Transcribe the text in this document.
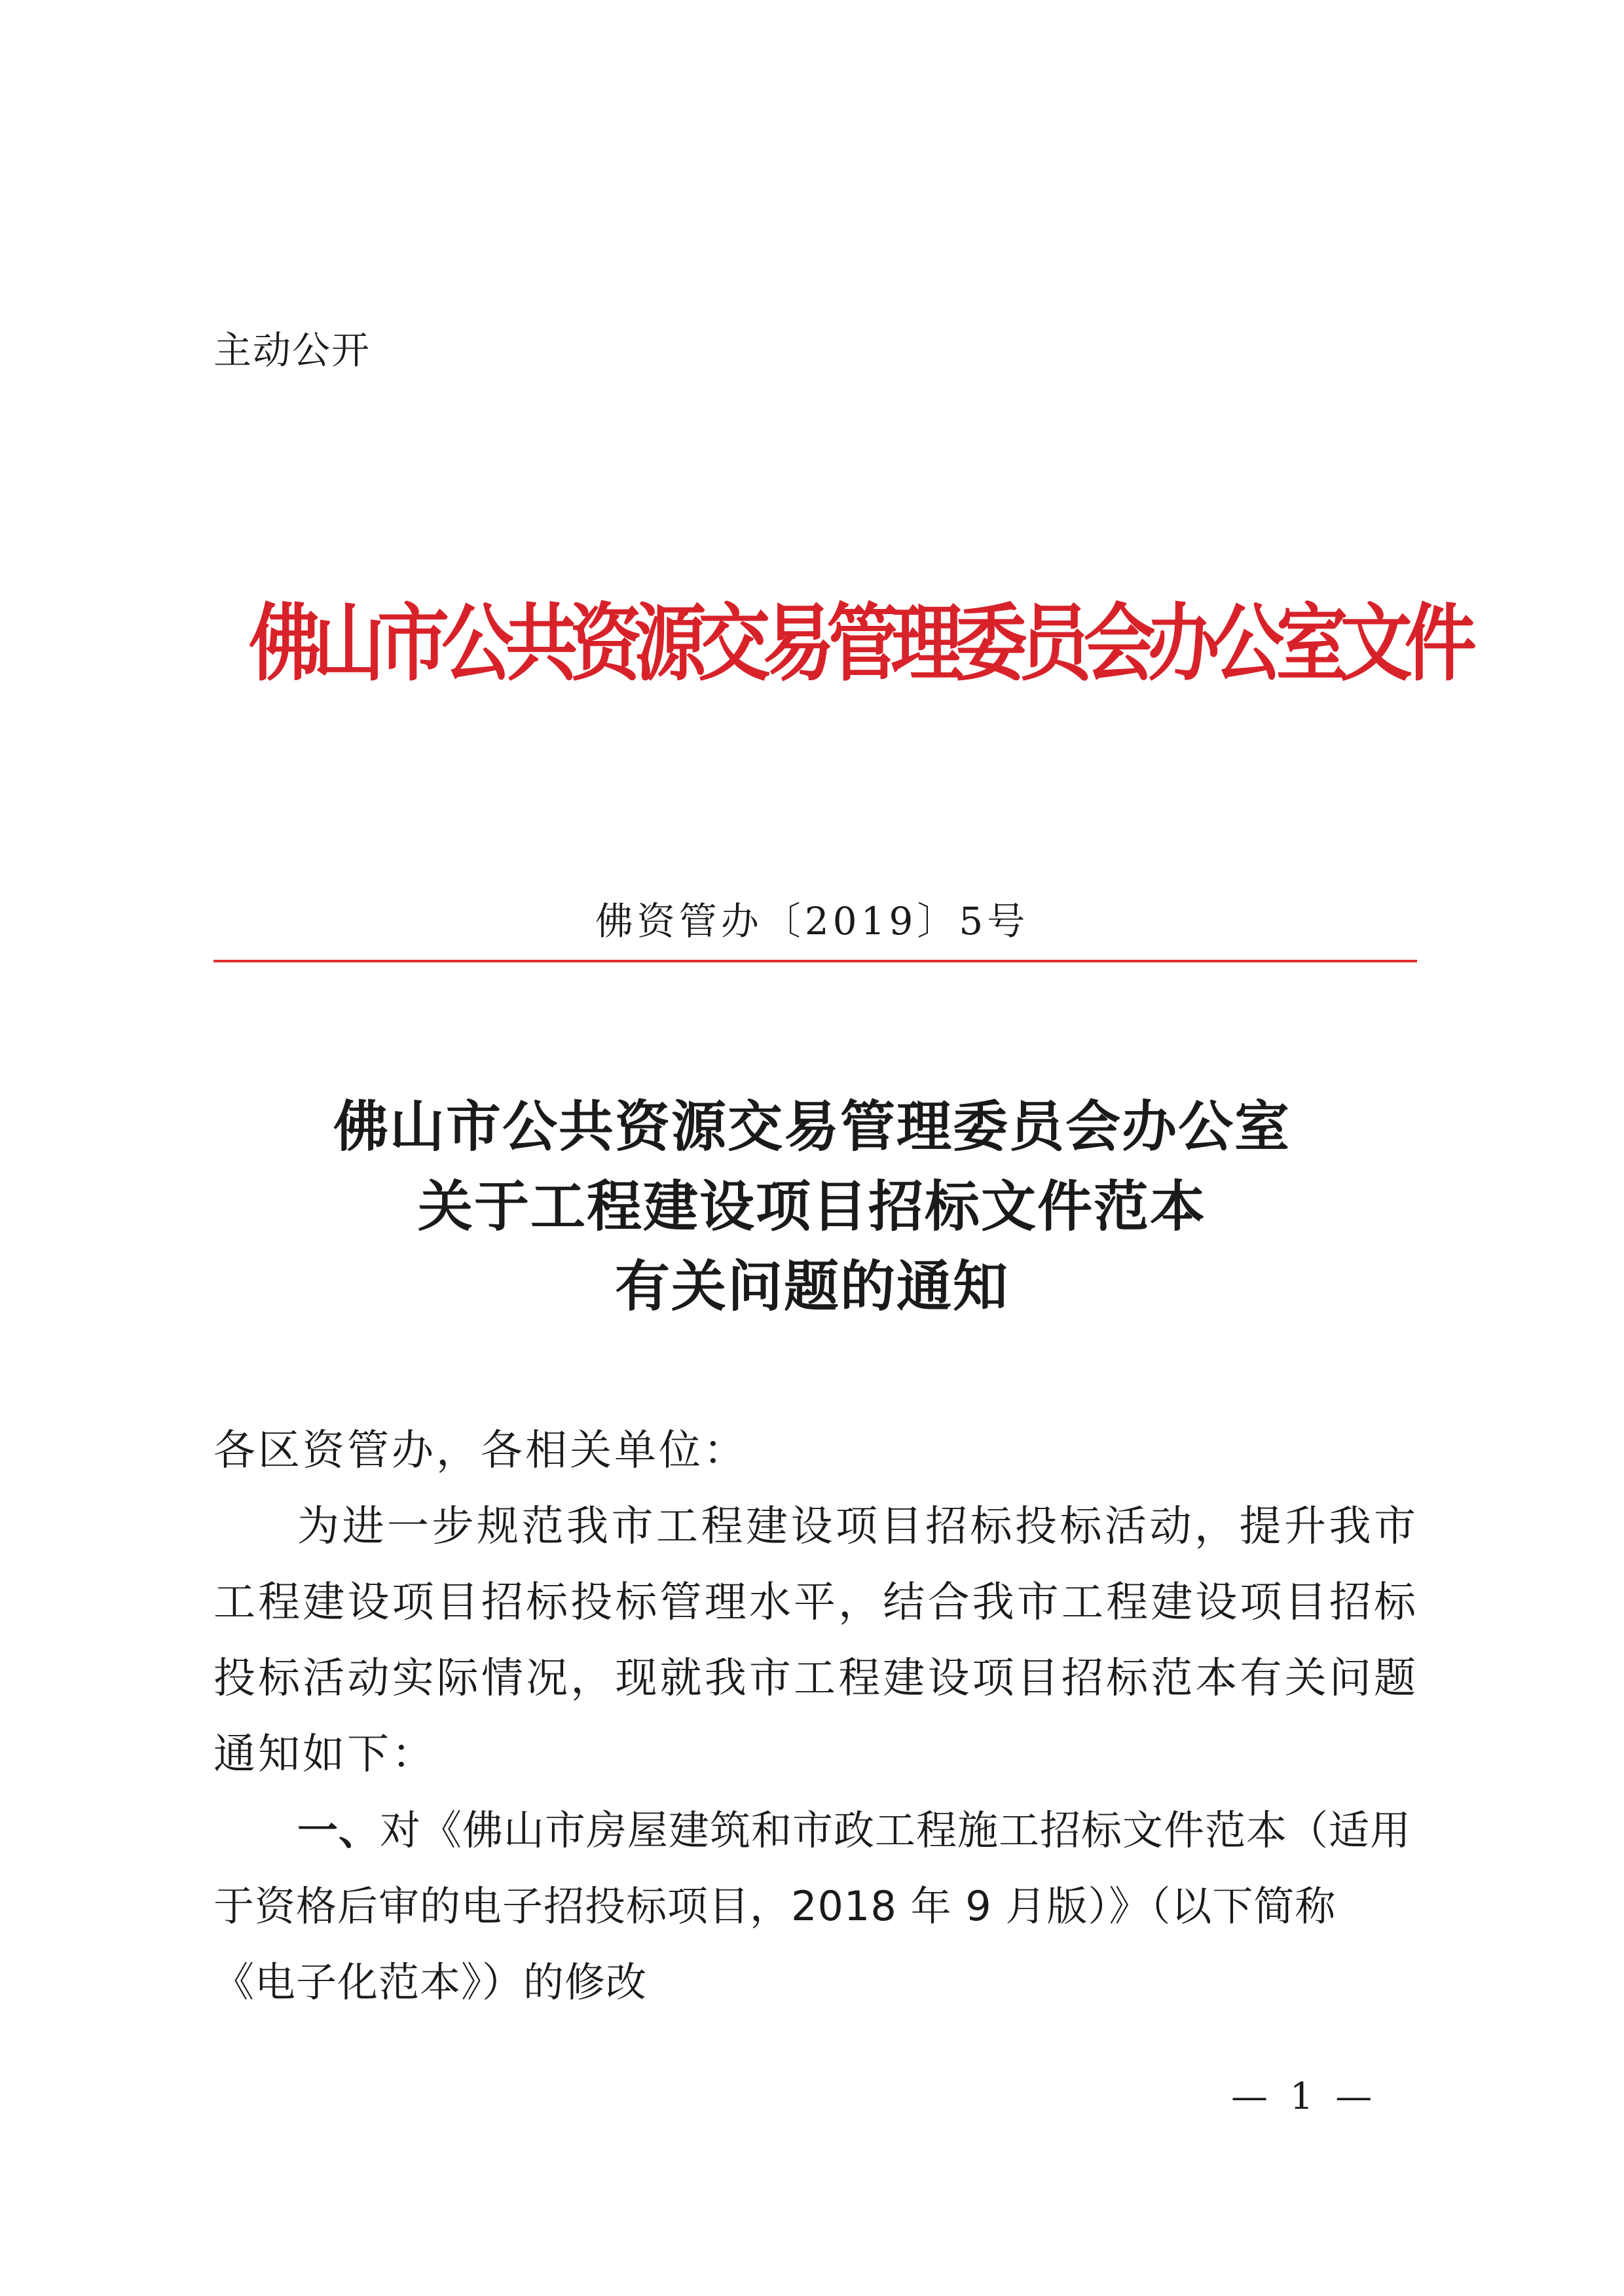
主动公开
佛山市公共资源交易管理委员会办公室文件
佛资管办〔2019〕5号
佛山市公共资源交易管理委员会办公室
关于工程建设项目招标文件范本
有关问题的通知
各区资管办，各相关单位：
为进一步规范我市工程建设项目招标投标活动，提升我市工程建设项目招标投标管理水平，结合我市工程建设项目招标投标活动实际情况，现就我市工程建设项目招标范本有关问题通知如下：
一、对《佛山市房屋建筑和市政工程施工招标文件范本（适用于资格后审的电子招投标项目，2018 年 9 月版）》（以下简称《电子化范本》）的修改
— 1 —
